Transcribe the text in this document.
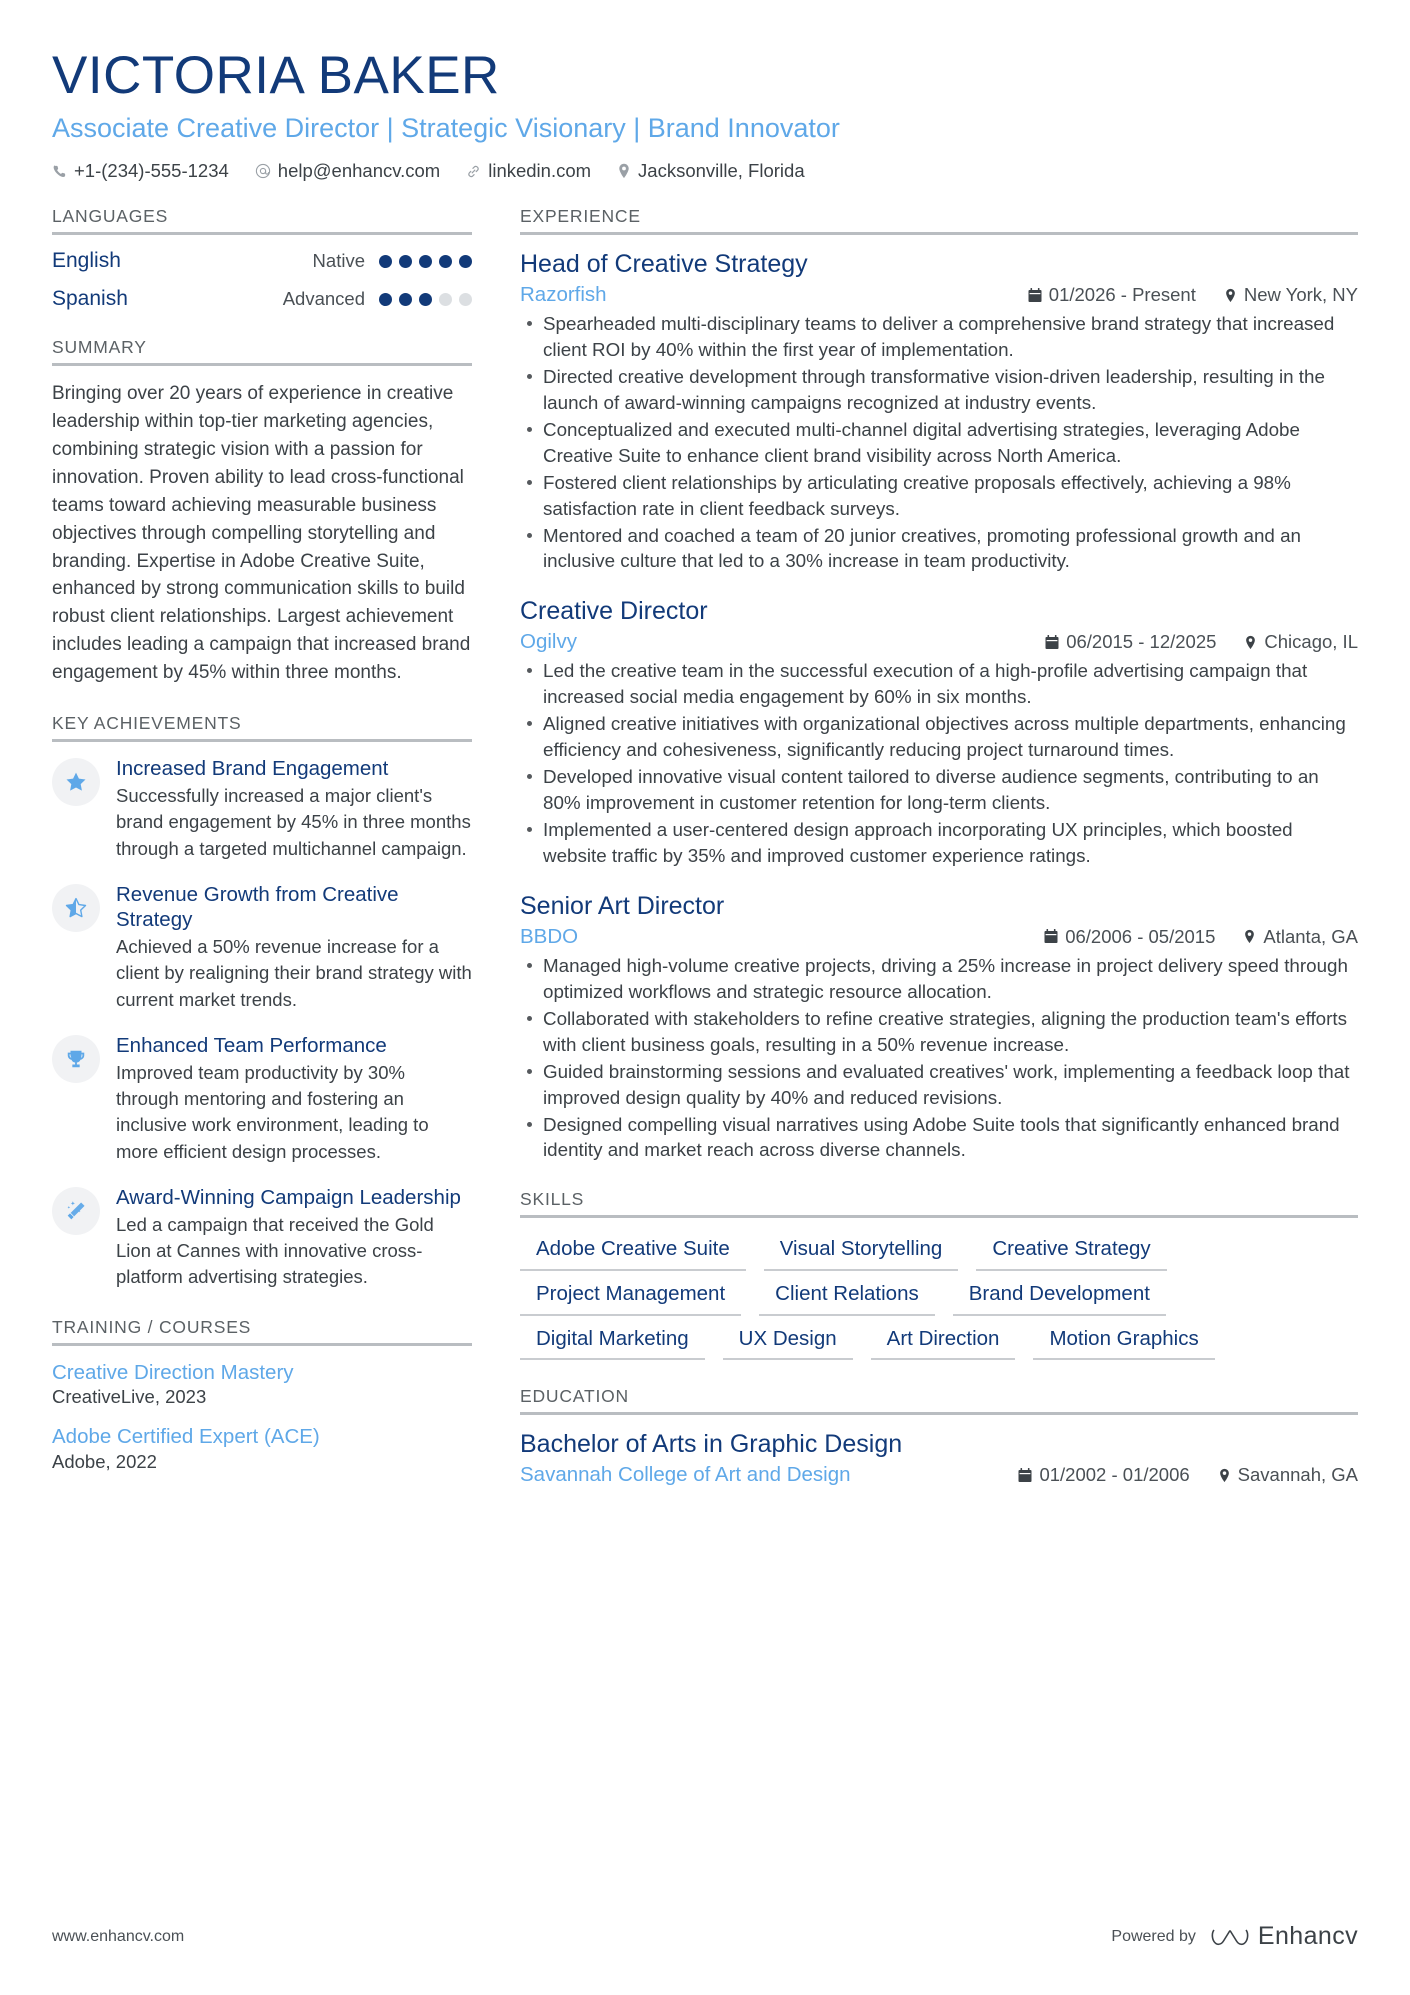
VICTORIA BAKER
Associate Creative Director | Strategic Visionary | Brand Innovator
+1-(234)-555-1234	help@enhancv.com	linkedin.com	Jacksonville, Florida
LANGUAGES
English	Native
Spanish	Advanced
SUMMARY
Bringing over 20 years of experience in creative leadership within top-tier marketing agencies, combining strategic vision with a passion for innovation. Proven ability to lead cross-functional teams toward achieving measurable business objectives through compelling storytelling and branding. Expertise in Adobe Creative Suite, enhanced by strong communication skills to build robust client relationships. Largest achievement includes leading a campaign that increased brand engagement by 45% within three months.
KEY ACHIEVEMENTS
Increased Brand Engagement
Successfully increased a major client's brand engagement by 45% in three months through a targeted multichannel campaign.
Revenue Growth from Creative Strategy
Achieved a 50% revenue increase for a client by realigning their brand strategy with current market trends.
Enhanced Team Performance
Improved team productivity by 30% through mentoring and fostering an inclusive work environment, leading to more efficient design processes.
Award-Winning Campaign Leadership
Led a campaign that received the Gold Lion at Cannes with innovative cross-platform advertising strategies.
TRAINING / COURSES
Creative Direction Mastery
CreativeLive, 2023
Adobe Certified Expert (ACE)
Adobe, 2022
EXPERIENCE
Head of Creative Strategy
Razorfish	01/2026 - Present	New York, NY
Spearheaded multi-disciplinary teams to deliver a comprehensive brand strategy that increased client ROI by 40% within the first year of implementation.
Directed creative development through transformative vision-driven leadership, resulting in the launch of award-winning campaigns recognized at industry events.
Conceptualized and executed multi-channel digital advertising strategies, leveraging Adobe Creative Suite to enhance client brand visibility across North America.
Fostered client relationships by articulating creative proposals effectively, achieving a 98% satisfaction rate in client feedback surveys.
Mentored and coached a team of 20 junior creatives, promoting professional growth and an inclusive culture that led to a 30% increase in team productivity.
Creative Director
Ogilvy	06/2015 - 12/2025	Chicago, IL
Led the creative team in the successful execution of a high-profile advertising campaign that increased social media engagement by 60% in six months.
Aligned creative initiatives with organizational objectives across multiple departments, enhancing efficiency and cohesiveness, significantly reducing project turnaround times.
Developed innovative visual content tailored to diverse audience segments, contributing to an 80% improvement in customer retention for long-term clients.
Implemented a user-centered design approach incorporating UX principles, which boosted website traffic by 35% and improved customer experience ratings.
Senior Art Director
BBDO	06/2006 - 05/2015	Atlanta, GA
Managed high-volume creative projects, driving a 25% increase in project delivery speed through optimized workflows and strategic resource allocation.
Collaborated with stakeholders to refine creative strategies, aligning the production team's efforts with client business goals, resulting in a 50% revenue increase.
Guided brainstorming sessions and evaluated creatives' work, implementing a feedback loop that improved design quality by 40% and reduced revisions.
Designed compelling visual narratives using Adobe Suite tools that significantly enhanced brand identity and market reach across diverse channels.
SKILLS
Adobe Creative Suite	Visual Storytelling	Creative Strategy
Project Management	Client Relations	Brand Development
Digital Marketing	UX Design	Art Direction	Motion Graphics
EDUCATION
Bachelor of Arts in Graphic Design
Savannah College of Art and Design	01/2002 - 01/2006	Savannah, GA
www.enhancv.com	Powered by Enhancv
